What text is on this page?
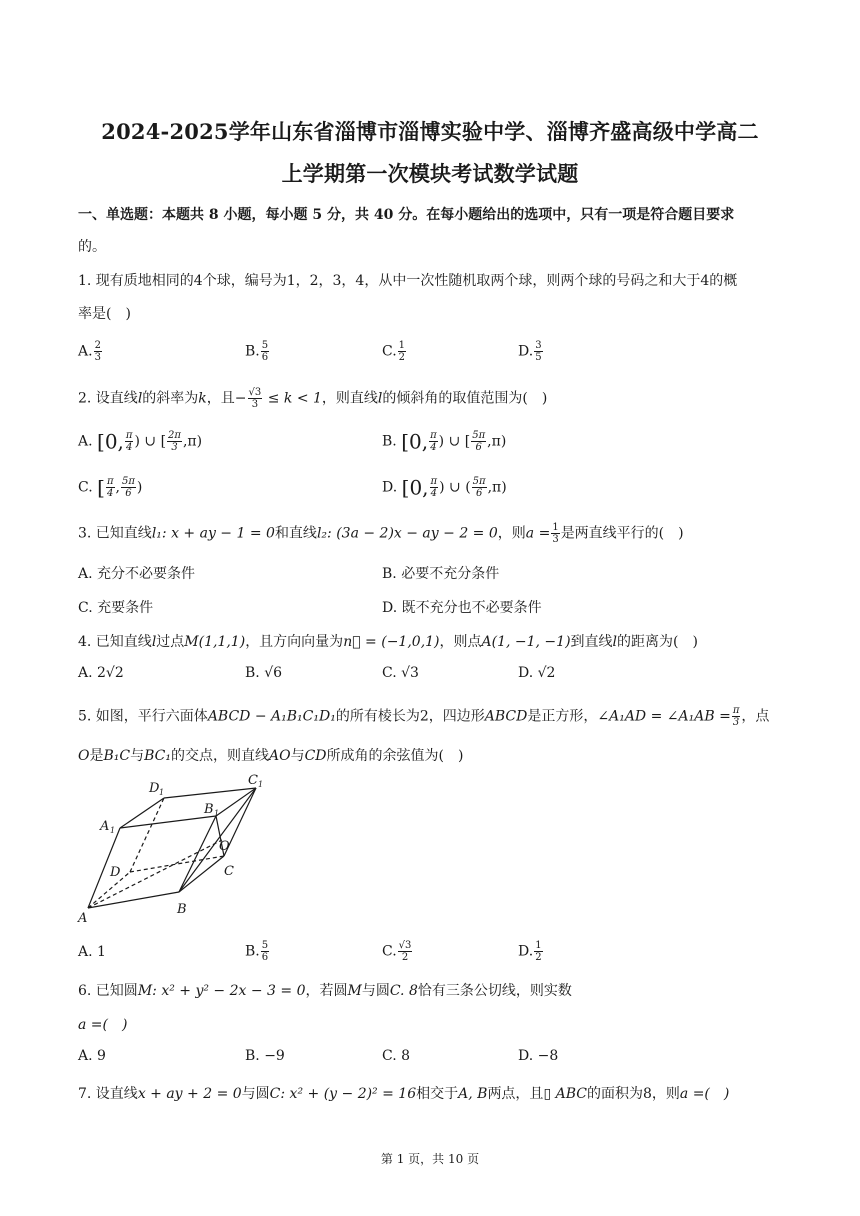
2024-2025学年山东省淄博市淄博实验中学、淄博齐盛高级中学高二
上学期第一次模块考试数学试题
一、单选题：本题共 8 小题，每小题 5 分，共 40 分。在每小题给出的选项中，只有一项是符合题目要求
的。
1. 现有质地相同的4个球，编号为1，2，3，4，从中一次性随机取两个球，则两个球的号码之和大于4的概
率是(　)
A. $\frac{2}{3}$	B. $\frac{5}{6}$	C. $\frac{1}{2}$	D. $\frac{3}{5}$
2. 设直线l的斜率为k，且− $\frac{√3}{3} \le k < 1$，则直线l的倾斜角的取值范围为(　)
A. [0, $\frac{\pi}{4}$ ) ∪ [ $\frac{2\pi}{3} ,\pi$)	B. [0, $\frac{\pi}{4}$ ) ∪ [ $\frac{5\pi}{6} ,\pi$)
C. [ $\frac{\pi}{4}$ , $\frac{5\pi}{6}$ )	D. [0, $\frac{\pi}{4}$ ) ∪ ( $\frac{5\pi}{6} ,\pi$)
3. 已知直线l₁: x + ay − 1 = 0和直线l₂: (3a − 2)x − ay − 2 = 0，则$a = \frac{1}{3}$ 是两直线平行的(　)
A. 充分不必要条件	B. 必要不充分条件
C. 充要条件	D. 既不充分也不必要条件
4. 已知直线l过点M(1,1,1)，且方向向量为n⃗ = (−1,0,1)，则点A(1, −1, −1)到直线l的距离为(　)
A. 2√2	B. √6	C. √3	D. √2
5. 如图，平行六面体ABCD − A₁B₁C₁D₁的所有棱长为2，四边形ABCD是正方形，∠A₁AD = ∠A₁AB = $\frac{\pi}{3}$ ，点
O是B₁C与BC₁的交点，则直线AO与CD所成角的余弦值为(　)
A
B
C
D
A 1
B 1
C 1
D 1
O
A. 1	B. $\frac{5}{6}$	C. $\frac{√3}{2}$	D. $\frac{1}{2}$
6. 已知圆M: x² + y² − 2x − 3 = 0，若圆M与圆C. 8恰有三条公切线，则实数
a =(　)
A. 9	B. −9	C. 8	D. −8
7. 设直线x + ay + 2 = 0与圆C: x² + (y − 2)² = 16相交于A, B两点，且▯ ABC的面积为8，则a =(　)
第 1 页，共 10 页
